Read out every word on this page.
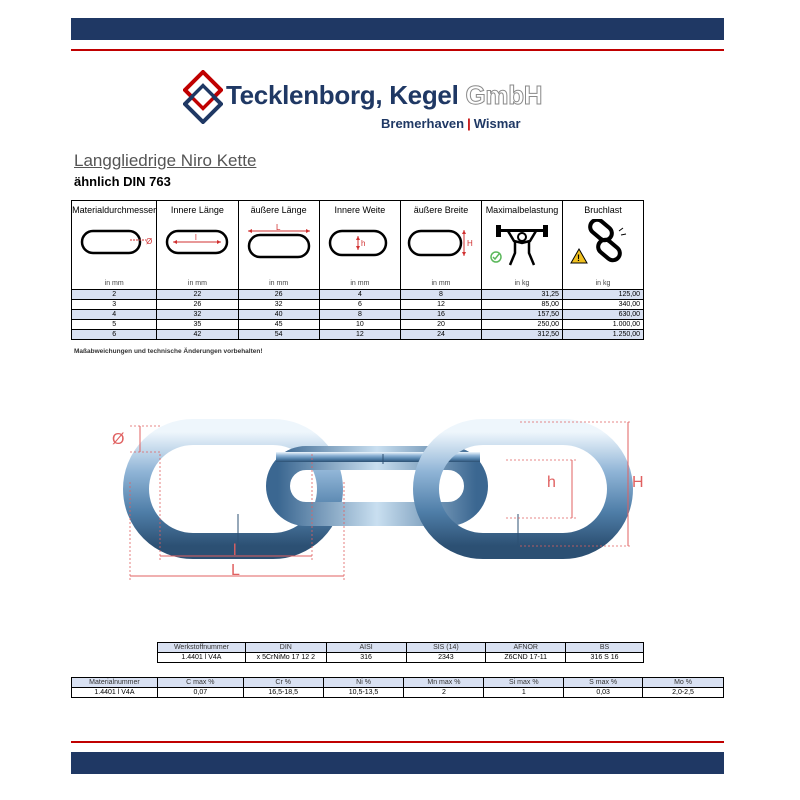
Tecklenborg, Kegel GmbH
Bremerhaven | Wismar
Langgliedrige Niro Kette
ähnlich DIN 763
Materialdurchmesser	Innere Länge	äußere Länge	Innere Weite	äußere Breite	Maximalbelastung	Bruchlast

Ø	l	L	h	H		!

in mm	in mm	in mm	in mm	in mm	in kg	in kg
2	22	26	4	8	31,25	125,00
3	26	32	6	12	85,00	340,00
4	32	40	8	16	157,50	630,00
5	35	45	10	20	250,00	1.000,00
6	42	54	12	24	312,50	1.250,00
Maßabweichungen und technische Änderungen vorbehalten!
Ø
l
L
h	H
Werkstoffnummer	DIN	AISI	SIS (14)	AFNOR	BS
1.4401 l V4A	x 5CrNiMo 17 12 2	316	2343	Z6CND 17-11	316 S 16
Materialnummer	C max %	Cr %	Ni %	Mn max %	Si max %	S max %	Mo %
1.4401 l V4A	0,07	16,5-18,5	10,5-13,5	2	1	0,03	2,0-2,5
